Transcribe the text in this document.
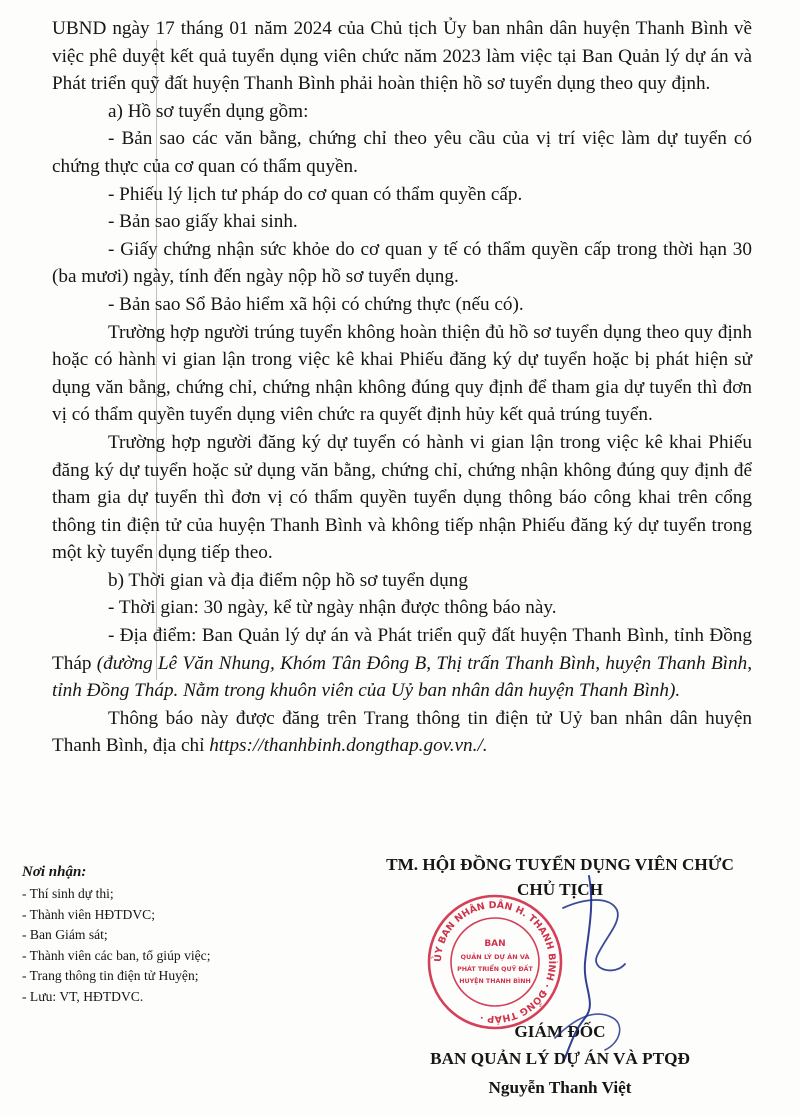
UBND ngày 17 tháng 01 năm 2024 của Chủ tịch Ủy ban nhân dân huyện Thanh Bình về việc phê duyệt kết quả tuyển dụng viên chức năm 2023 làm việc tại Ban Quản lý dự án và Phát triển quỹ đất huyện Thanh Bình phải hoàn thiện hồ sơ tuyển dụng theo quy định.

a) Hồ sơ tuyển dụng gồm:

- Bản sao các văn bằng, chứng chỉ theo yêu cầu của vị trí việc làm dự tuyển có chứng thực của cơ quan có thẩm quyền.

- Phiếu lý lịch tư pháp do cơ quan có thẩm quyền cấp.

- Bản sao giấy khai sinh.

- Giấy chứng nhận sức khỏe do cơ quan y tế có thẩm quyền cấp trong thời hạn 30 (ba mươi) ngày, tính đến ngày nộp hồ sơ tuyển dụng.

- Bản sao Sổ Bảo hiểm xã hội có chứng thực (nếu có).

Trường hợp người trúng tuyển không hoàn thiện đủ hồ sơ tuyển dụng theo quy định hoặc có hành vi gian lận trong việc kê khai Phiếu đăng ký dự tuyển hoặc bị phát hiện sử dụng văn bằng, chứng chỉ, chứng nhận không đúng quy định để tham gia dự tuyển thì đơn vị có thẩm quyền tuyển dụng viên chức ra quyết định hủy kết quả trúng tuyển.

Trường hợp người đăng ký dự tuyển có hành vi gian lận trong việc kê khai Phiếu đăng ký dự tuyển hoặc sử dụng văn bằng, chứng chỉ, chứng nhận không đúng quy định để tham gia dự tuyển thì đơn vị có thẩm quyền tuyển dụng thông báo công khai trên cổng thông tin điện tử của huyện Thanh Bình và không tiếp nhận Phiếu đăng ký dự tuyển trong một kỳ tuyển dụng tiếp theo.

b) Thời gian và địa điểm nộp hồ sơ tuyển dụng

- Thời gian: 30 ngày, kể từ ngày nhận được thông báo này.

- Địa điểm: Ban Quản lý dự án và Phát triển quỹ đất huyện Thanh Bình, tỉnh Đồng Tháp (đường Lê Văn Nhung, Khóm Tân Đông B, Thị trấn Thanh Bình, huyện Thanh Bình, tỉnh Đồng Tháp. Nằm trong khuôn viên của Uỷ ban nhân dân huyện Thanh Bình).

Thông báo này được đăng trên Trang thông tin điện tử Uỷ ban nhân dân huyện Thanh Bình, địa chỉ https://thanhbinh.dongthap.gov.vn./.

Nơi nhận:
- Thí sinh dự thi;
- Thành viên HĐTDVC;
- Ban Giám sát;
- Thành viên các ban, tổ giúp việc;
- Trang thông tin điện tử Huyện;
- Lưu: VT, HĐTDVC.
TM. HỘI ĐỒNG TUYỂN DỤNG VIÊN CHỨC
CHỦ TỊCH
GIÁM ĐỐC
BAN QUẢN LÝ DỰ ÁN VÀ PTQĐ
Nguyễn Thanh Việt
ỦY BAN NHÂN DÂN H. THANH BÌNH · ĐỒNG THÁP ·
BAN
QUẢN LÝ DỰ ÁN VÀ
PHÁT TRIỂN QUỸ ĐẤT
HUYỆN THANH BÌNH
